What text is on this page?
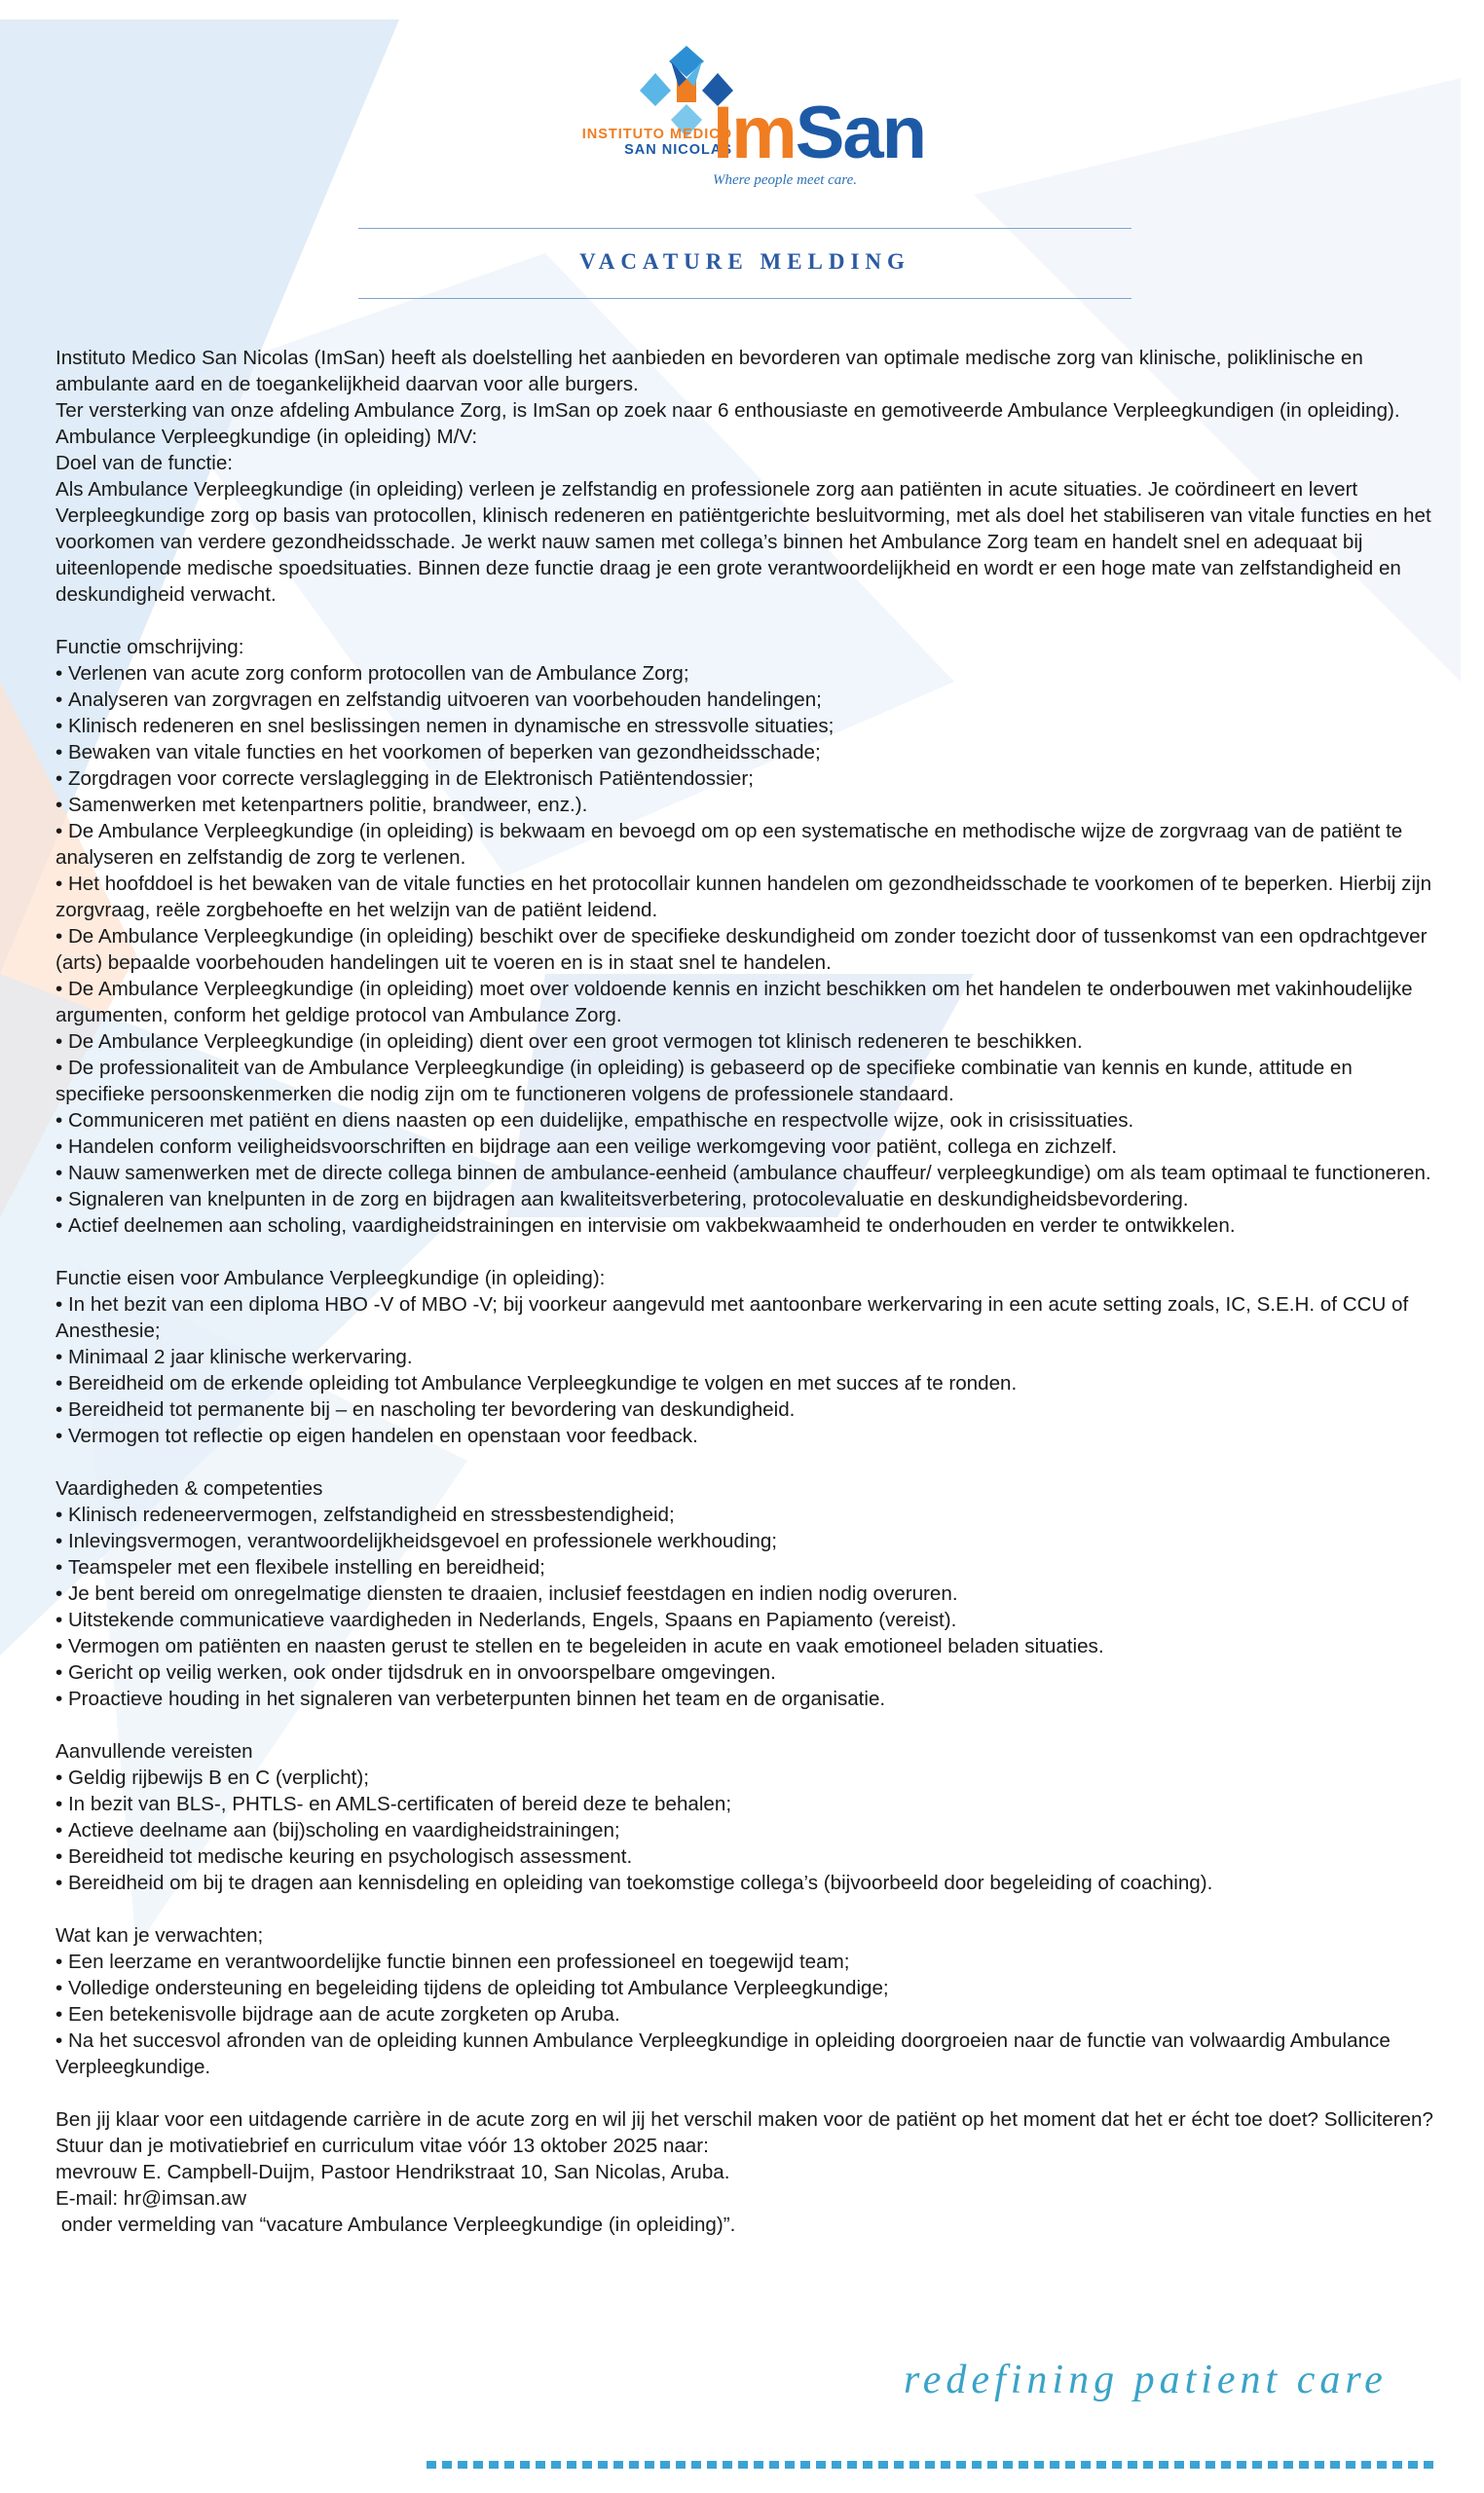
INSTITUTO MEDICO
SAN NICOLAS
ImSan
Where people meet care.
VACATURE MELDING

Instituto Medico San Nicolas (ImSan) heeft als doelstelling het aanbieden en bevorderen van optimale medische zorg van klinische, poliklinische en ambulante aard en de toegankelijkheid daarvan voor alle burgers.

Ter versterking van onze afdeling Ambulance Zorg, is ImSan op zoek naar 6 enthousiaste en gemotiveerde Ambulance Verpleegkundigen (in opleiding).

Ambulance Verpleegkundige (in opleiding) M/V:

Doel van de functie:

Als Ambulance Verpleegkundige (in opleiding) verleen je zelfstandig en professionele zorg aan patiënten in acute situaties. Je coördineert en levert Verpleegkundige zorg op basis van protocollen, klinisch redeneren en patiëntgerichte besluitvorming, met als doel het stabiliseren van vitale functies en het voorkomen van verdere gezondheidsschade. Je werkt nauw samen met collega’s binnen het Ambulance Zorg team en handelt snel en adequaat bij uiteenlopende medische spoedsituaties. Binnen deze functie draag je een grote verantwoordelijkheid en wordt er een hoge mate van zelfstandigheid en deskundigheid verwacht.

Functie omschrijving:

• Verlenen van acute zorg conform protocollen van de Ambulance Zorg;

• Analyseren van zorgvragen en zelfstandig uitvoeren van voorbehouden handelingen;

• Klinisch redeneren en snel beslissingen nemen in dynamische en stressvolle situaties;

• Bewaken van vitale functies en het voorkomen of beperken van gezondheidsschade;

• Zorgdragen voor correcte verslaglegging in de Elektronisch Patiëntendossier;

• Samenwerken met ketenpartners politie, brandweer, enz.).

• De Ambulance Verpleegkundige (in opleiding) is bekwaam en bevoegd om op een systematische en methodische wijze de zorgvraag van de patiënt te analyseren en zelfstandig de zorg te verlenen.

• Het hoofddoel is het bewaken van de vitale functies en het protocollair kunnen handelen om gezondheidsschade te voorkomen of te beperken. Hierbij zijn zorgvraag, reële zorgbehoefte en het welzijn van de patiënt leidend.

• De Ambulance Verpleegkundige (in opleiding) beschikt over de specifieke deskundigheid om zonder toezicht door of tussenkomst van een opdrachtgever (arts) bepaalde voorbehouden handelingen uit te voeren en is in staat snel te handelen.

• De Ambulance Verpleegkundige (in opleiding) moet over voldoende kennis en inzicht beschikken om het handelen te onderbouwen met vakinhoudelijke argumenten, conform het geldige protocol van Ambulance Zorg.

• De Ambulance Verpleegkundige (in opleiding) dient over een groot vermogen tot klinisch redeneren te beschikken.

• De professionaliteit van de Ambulance Verpleegkundige (in opleiding) is gebaseerd op de specifieke combinatie van kennis en kunde, attitude en specifieke persoonskenmerken die nodig zijn om te functioneren volgens de professionele standaard.

• Communiceren met patiënt en diens naasten op een duidelijke, empathische en respectvolle wijze, ook in crisissituaties.

• Handelen conform veiligheidsvoorschriften en bijdrage aan een veilige werkomgeving voor patiënt, collega en zichzelf.

• Nauw samenwerken met de directe collega binnen de ambulance-eenheid (ambulance chauffeur/ verpleegkundige) om als team optimaal te functioneren.

• Signaleren van knelpunten in de zorg en bijdragen aan kwaliteitsverbetering, protocolevaluatie en deskundigheidsbevordering.

• Actief deelnemen aan scholing, vaardigheidstrainingen en intervisie om vakbekwaamheid te onderhouden en verder te ontwikkelen.

Functie eisen voor Ambulance Verpleegkundige (in opleiding):

• In het bezit van een diploma HBO -V of MBO -V; bij voorkeur aangevuld met aantoonbare werkervaring in een acute setting zoals, IC, S.E.H. of CCU of Anesthesie;

• Minimaal 2 jaar klinische werkervaring.

• Bereidheid om de erkende opleiding tot Ambulance Verpleegkundige te volgen en met succes af te ronden.

• Bereidheid tot permanente bij – en nascholing ter bevordering van deskundigheid.

• Vermogen tot reflectie op eigen handelen en openstaan voor feedback.

Vaardigheden & competenties

• Klinisch redeneervermogen, zelfstandigheid en stressbestendigheid;

• Inlevingsvermogen, verantwoordelijkheidsgevoel en professionele werkhouding;

• Teamspeler met een flexibele instelling en bereidheid;

• Je bent bereid om onregelmatige diensten te draaien, inclusief feestdagen en indien nodig overuren.

• Uitstekende communicatieve vaardigheden in Nederlands, Engels, Spaans en Papiamento (vereist).

• Vermogen om patiënten en naasten gerust te stellen en te begeleiden in acute en vaak emotioneel beladen situaties.

• Gericht op veilig werken, ook onder tijdsdruk en in onvoorspelbare omgevingen.

• Proactieve houding in het signaleren van verbeterpunten binnen het team en de organisatie.

Aanvullende vereisten

• Geldig rijbewijs B en C (verplicht);

• In bezit van BLS-, PHTLS- en AMLS-certificaten of bereid deze te behalen;

• Actieve deelname aan (bij)scholing en vaardigheidstrainingen;

• Bereidheid tot medische keuring en psychologisch assessment.

• Bereidheid om bij te dragen aan kennisdeling en opleiding van toekomstige collega’s (bijvoorbeeld door begeleiding of coaching).

Wat kan je verwachten;

• Een leerzame en verantwoordelijke functie binnen een professioneel en toegewijd team;

• Volledige ondersteuning en begeleiding tijdens de opleiding tot Ambulance Verpleegkundige;

• Een betekenisvolle bijdrage aan de acute zorgketen op Aruba.

• Na het succesvol afronden van de opleiding kunnen Ambulance Verpleegkundige in opleiding doorgroeien naar de functie van volwaardig Ambulance Verpleegkundige.

Ben jij klaar voor een uitdagende carrière in de acute zorg en wil jij het verschil maken voor de patiënt op het moment dat het er écht toe doet? Solliciteren?

Stuur dan je motivatiebrief en curriculum vitae vóór 13 oktober 2025 naar:

mevrouw E. Campbell-Duijm, Pastoor Hendrikstraat 10, San Nicolas, Aruba.

E-mail: hr@imsan.aw

onder vermelding van “vacature Ambulance Verpleegkundige (in opleiding)”.

redefining patient care
